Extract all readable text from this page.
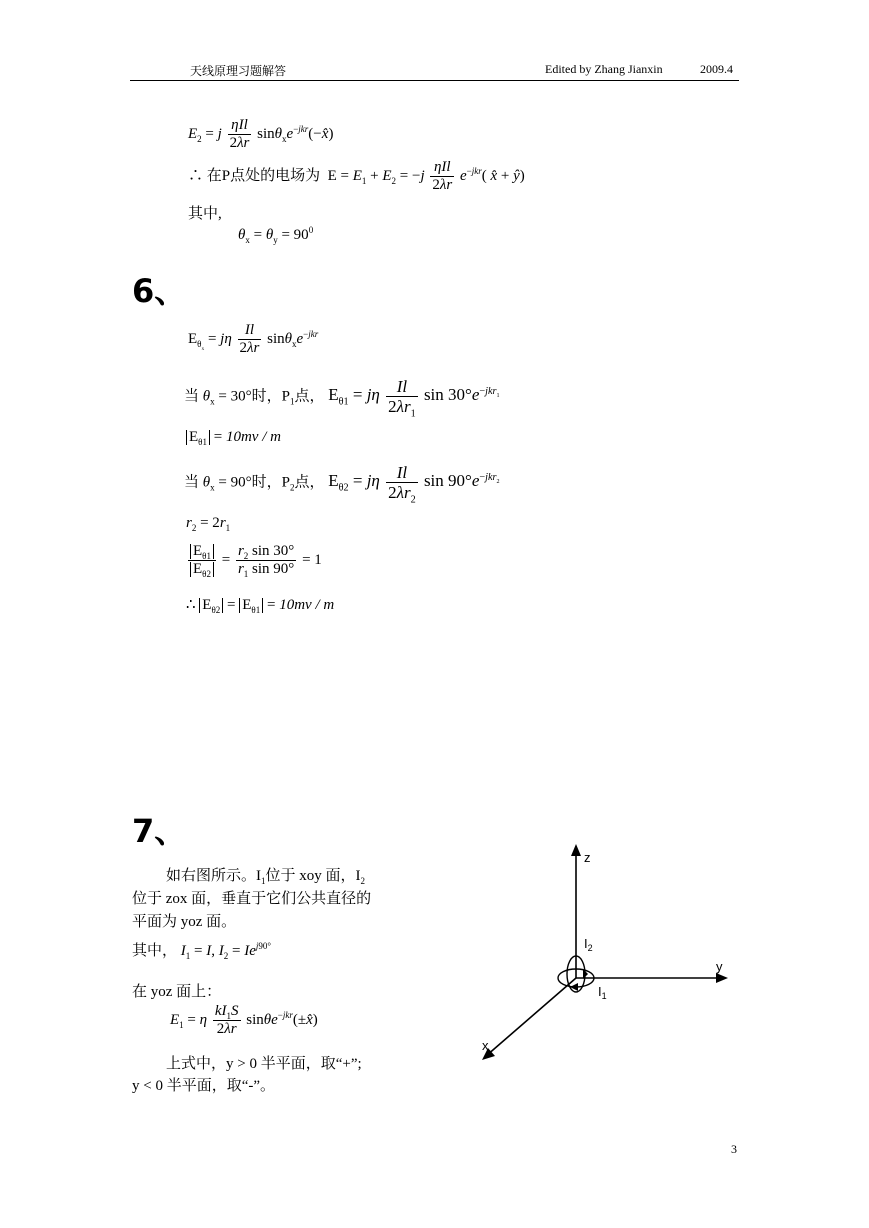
天线原理习题解答	Edited by Zhang Jianxin	2009.4
$E_2 = j \frac{\text{ηIl}}{2\lambda r}$ $\sin\theta_xe^{-jkr}(-x̂)$
∴ 在P点处的电场为  $E = E_1 + E_2 = -j \frac{\text{ηIl}}{2\lambda r} e^{-jkr}$( x̂ + ŷ)
其中,
$\theta_x = \theta_y = 90^0$
6、
$E_{\theta_x} = j\eta \frac{Il}{2\lambda r} \sin\theta_xe^{-jkr}$
当 $\theta_x = 30^\circ$时，$P_1$点， $E_{\theta 1} = j\eta \frac{Il}{2\lambda r_1}$ $\sin 30^\circ e^{-jkr_1}$
$E_{\theta 1} = 10mv / m$
当 $\theta_x = 90^\circ$时，$P_2$点， $E_{\theta 2} = j\eta \frac{Il}{2\lambda r_2}$ $\sin 90^\circ e^{-jkr_2}$
$r_2 = 2r_1$
$\frac{E_{\theta 1}}{E_{\theta 2}} = \frac{r_2 \sin 30^\circ}{r_1 \sin 90^\circ} = 1$
∴ $E_{\theta 2} = E_{\theta 1} = 10mv / m$
7、
如右图所示。$I_1$位于 xoy 面，$I_2$
位于 zox 面，垂直于它们公共直径的
平面为 yoz 面。
其中， $I_1 = I$, $I_2 = Ie^{j90^\circ}$
在 yoz 面上：
$E_1 = \eta \frac{kI_1S}{2\lambda r}$ sinθe$^{-jkr}$(±x̂)
上式中，y > 0 半平面，取“+”;
y < 0 半平面，取“-”。
z
y
x
$I_2$
$I_1$
3
